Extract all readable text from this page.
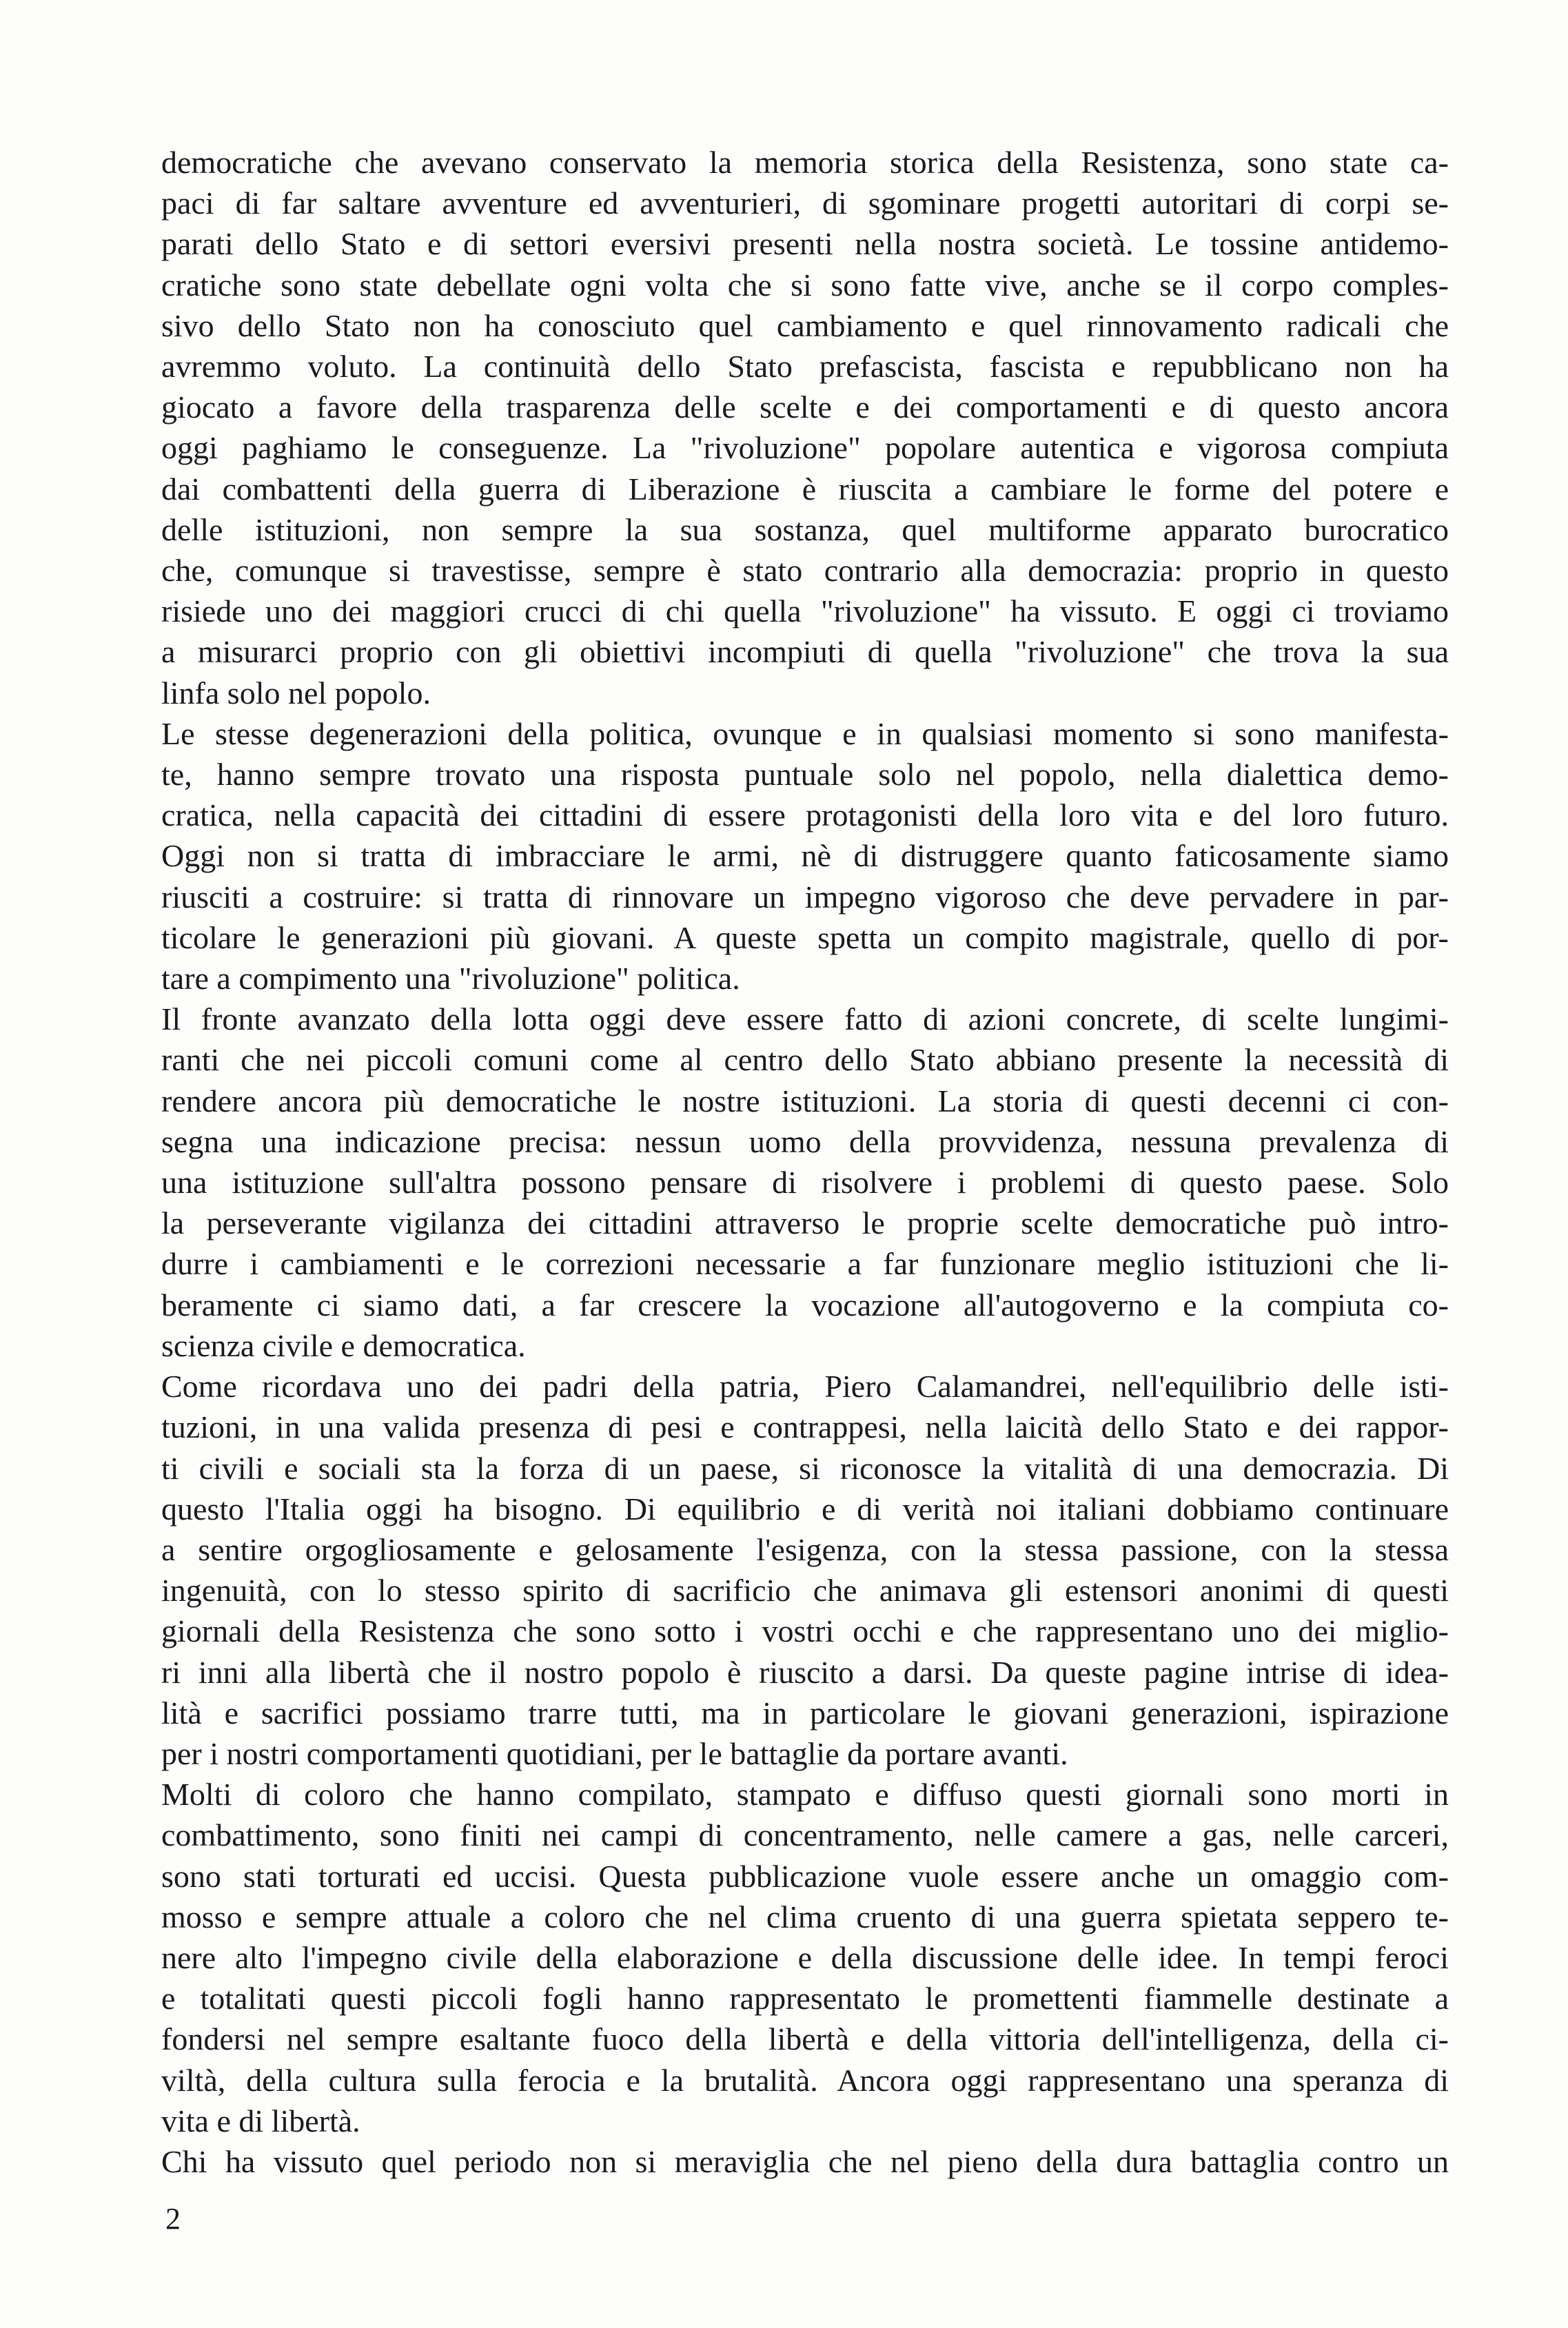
democratiche che avevano conservato la memoria storica della Resistenza, sono state ca-
paci di far saltare avventure ed avventurieri, di sgominare progetti autoritari di corpi se-
parati dello Stato e di settori eversivi presenti nella nostra società. Le tossine antidemo-
cratiche sono state debellate ogni volta che si sono fatte vive, anche se il corpo comples-
sivo dello Stato non ha conosciuto quel cambiamento e quel rinnovamento radicali che
avremmo voluto. La continuità dello Stato prefascista, fascista e repubblicano non ha
giocato a favore della trasparenza delle scelte e dei comportamenti e di questo ancora
oggi paghiamo le conseguenze. La "rivoluzione" popolare autentica e vigorosa compiuta
dai combattenti della guerra di Liberazione è riuscita a cambiare le forme del potere e
delle istituzioni, non sempre la sua sostanza, quel multiforme apparato burocratico
che, comunque si travestisse, sempre è stato contrario alla democrazia: proprio in questo
risiede uno dei maggiori crucci di chi quella "rivoluzione" ha vissuto. E oggi ci troviamo
a misurarci proprio con gli obiettivi incompiuti di quella "rivoluzione" che trova la sua
linfa solo nel popolo.

Le stesse degenerazioni della politica, ovunque e in qualsiasi momento si sono manifesta-
te, hanno sempre trovato una risposta puntuale solo nel popolo, nella dialettica demo-
cratica, nella capacità dei cittadini di essere protagonisti della loro vita e del loro futuro.
Oggi non si tratta di imbracciare le armi, nè di distruggere quanto faticosamente siamo
riusciti a costruire: si tratta di rinnovare un impegno vigoroso che deve pervadere in par-
ticolare le generazioni più giovani. A queste spetta un compito magistrale, quello di por-
tare a compimento una "rivoluzione" politica.

Il fronte avanzato della lotta oggi deve essere fatto di azioni concrete, di scelte lungimi-
ranti che nei piccoli comuni come al centro dello Stato abbiano presente la necessità di
rendere ancora più democratiche le nostre istituzioni. La storia di questi decenni ci con-
segna una indicazione precisa: nessun uomo della provvidenza, nessuna prevalenza di
una istituzione sull'altra possono pensare di risolvere i problemi di questo paese. Solo
la perseverante vigilanza dei cittadini attraverso le proprie scelte democratiche può intro-
durre i cambiamenti e le correzioni necessarie a far funzionare meglio istituzioni che li-
beramente ci siamo dati, a far crescere la vocazione all'autogoverno e la compiuta co-
scienza civile e democratica.

Come ricordava uno dei padri della patria, Piero Calamandrei, nell'equilibrio delle isti-
tuzioni, in una valida presenza di pesi e contrappesi, nella laicità dello Stato e dei rappor-
ti civili e sociali sta la forza di un paese, si riconosce la vitalità di una democrazia. Di
questo l'Italia oggi ha bisogno. Di equilibrio e di verità noi italiani dobbiamo continuare
a sentire orgogliosamente e gelosamente l'esigenza, con la stessa passione, con la stessa
ingenuità, con lo stesso spirito di sacrificio che animava gli estensori anonimi di questi
giornali della Resistenza che sono sotto i vostri occhi e che rappresentano uno dei miglio-
ri inni alla libertà che il nostro popolo è riuscito a darsi. Da queste pagine intrise di idea-
lità e sacrifici possiamo trarre tutti, ma in particolare le giovani generazioni, ispirazione
per i nostri comportamenti quotidiani, per le battaglie da portare avanti.

Molti di coloro che hanno compilato, stampato e diffuso questi giornali sono morti in
combattimento, sono finiti nei campi di concentramento, nelle camere a gas, nelle carceri,
sono stati torturati ed uccisi. Questa pubblicazione vuole essere anche un omaggio com-
mosso e sempre attuale a coloro che nel clima cruento di una guerra spietata seppero te-
nere alto l'impegno civile della elaborazione e della discussione delle idee. In tempi feroci
e totalitati questi piccoli fogli hanno rappresentato le promettenti fiammelle destinate a
fondersi nel sempre esaltante fuoco della libertà e della vittoria dell'intelligenza, della ci-
viltà, della cultura sulla ferocia e la brutalità. Ancora oggi rappresentano una speranza di
vita e di libertà.

Chi ha vissuto quel periodo non si meraviglia che nel pieno della dura battaglia contro un

2
